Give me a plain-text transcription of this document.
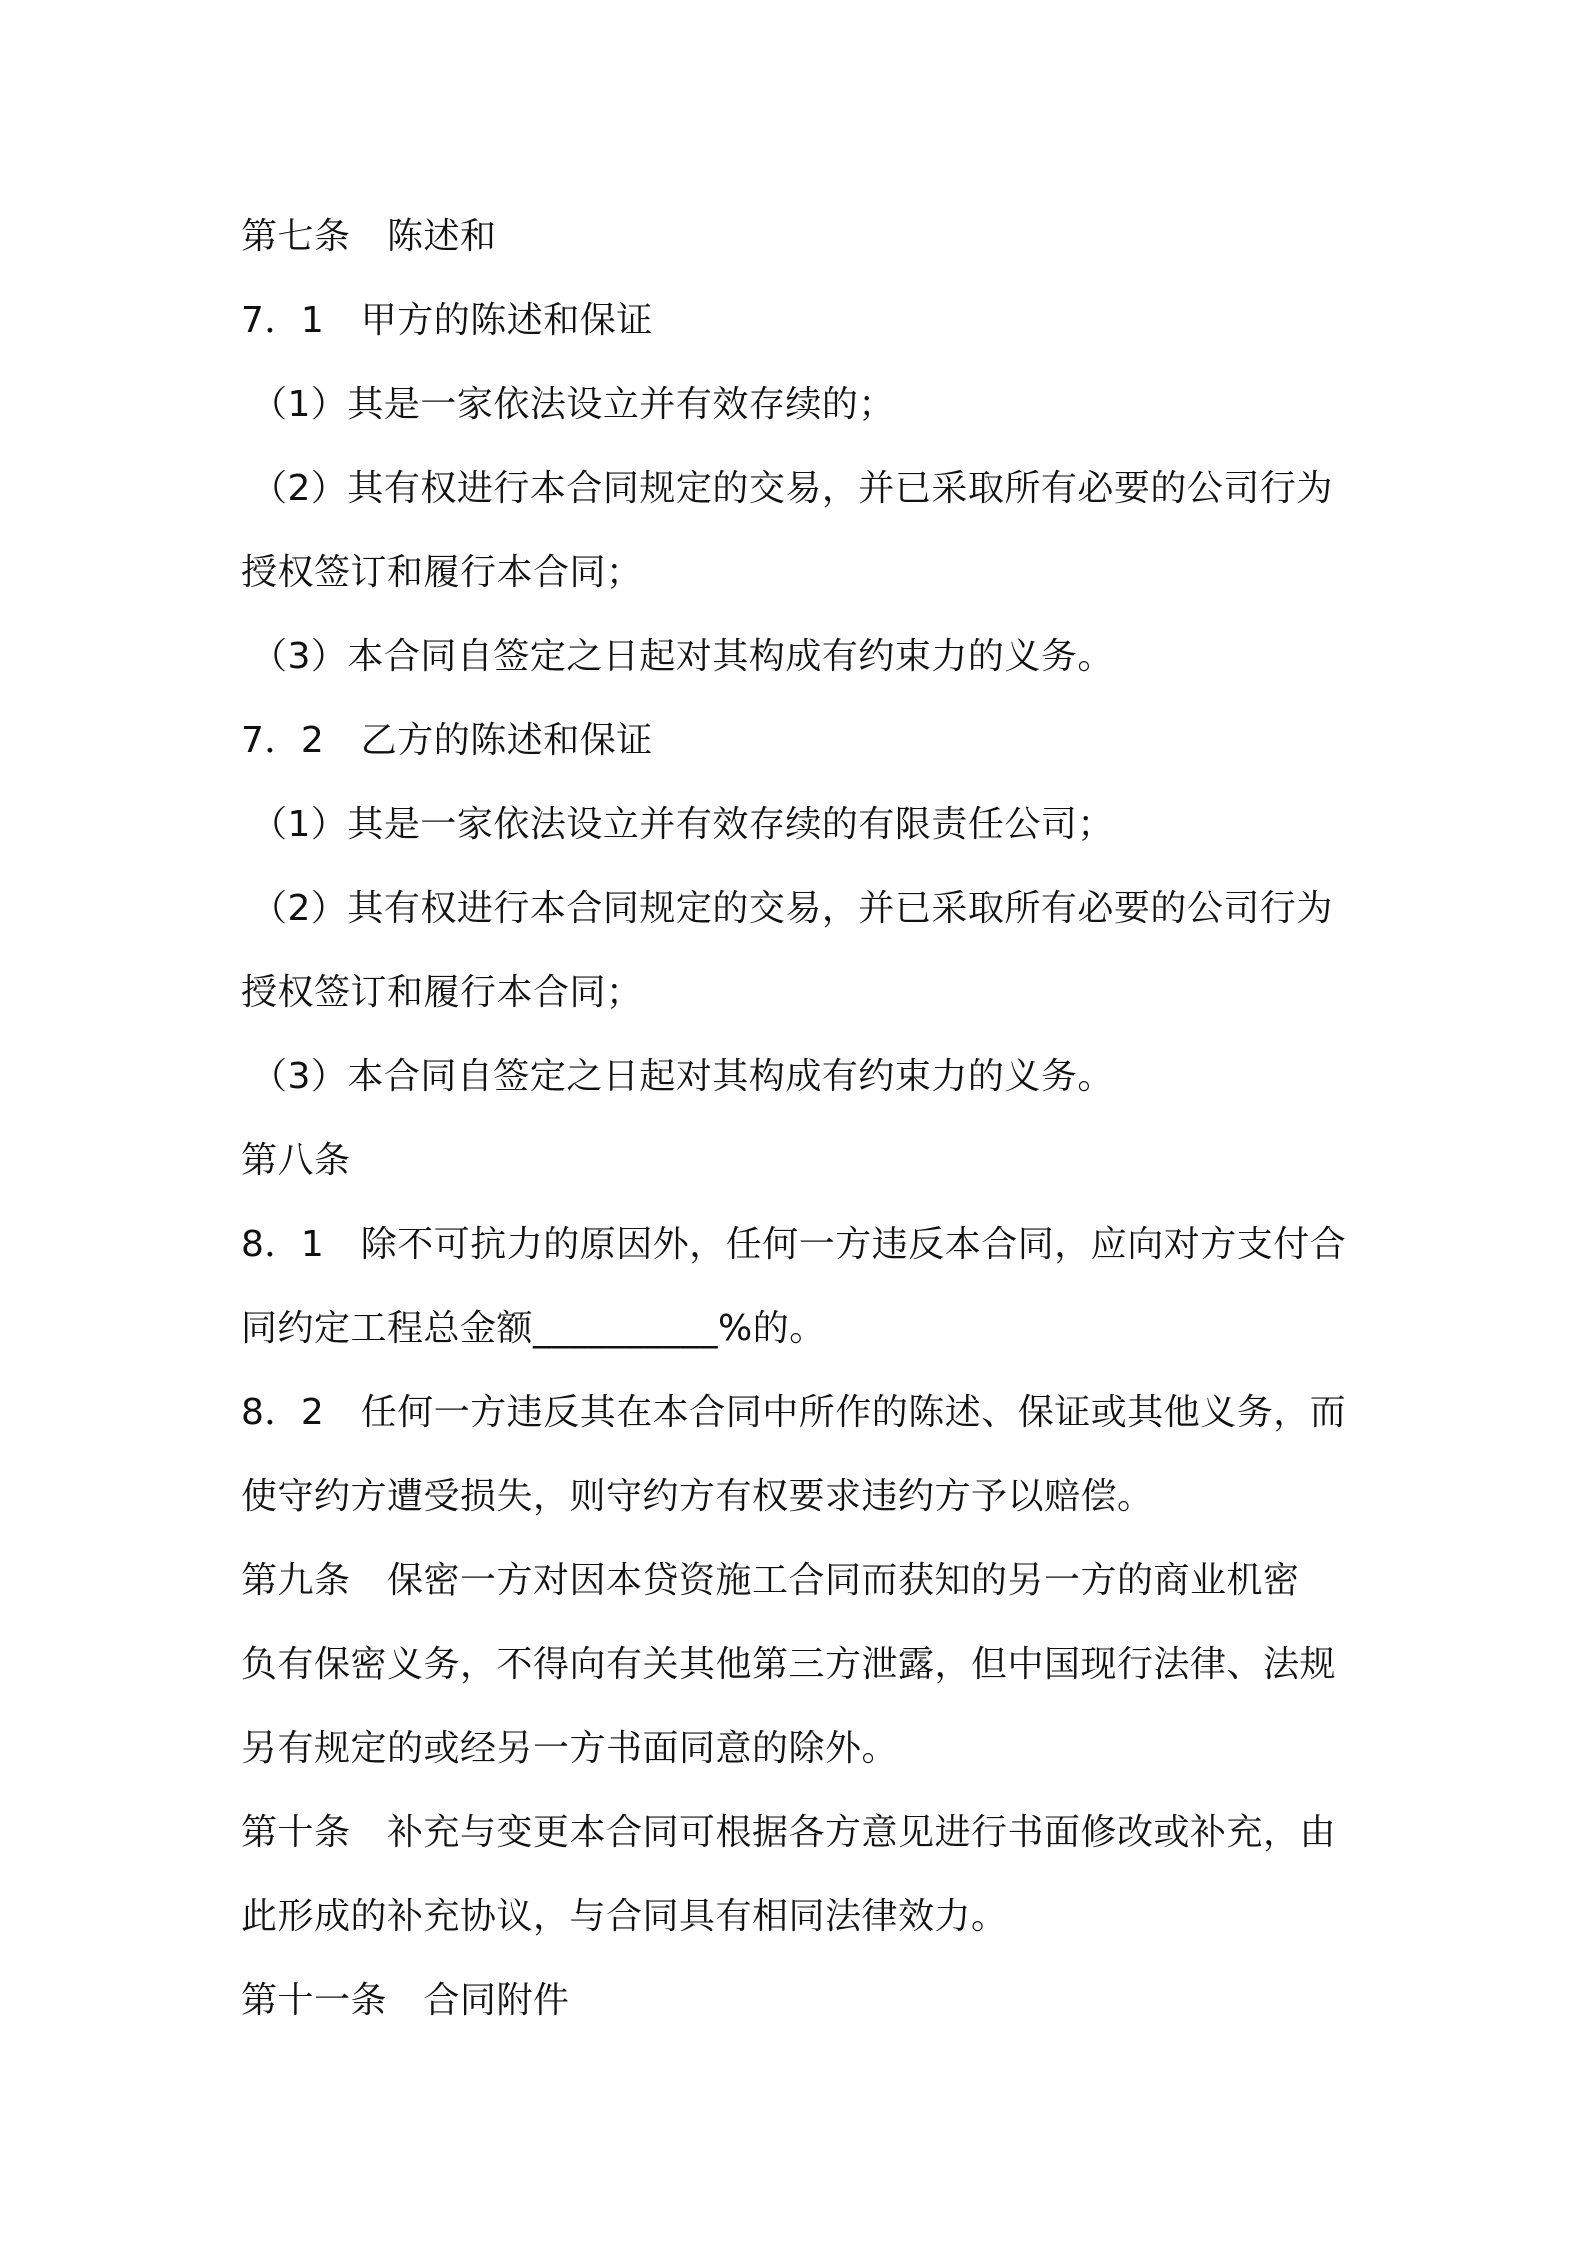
第七条　陈述和
7．1　甲方的陈述和保证
（1）其是一家依法设立并有效存续的；
（2）其有权进行本合同规定的交易，并已采取所有必要的公司行为
授权签订和履行本合同；
（3）本合同自签定之日起对其构成有约束力的义务。
7．2　乙方的陈述和保证
（1）其是一家依法设立并有效存续的有限责任公司；
（2）其有权进行本合同规定的交易，并已采取所有必要的公司行为
授权签订和履行本合同；
（3）本合同自签定之日起对其构成有约束力的义务。
第八条
8．1　除不可抗力的原因外，任何一方违反本合同，应向对方支付合
同约定工程总金额__________%的。
8．2　任何一方违反其在本合同中所作的陈述、保证或其他义务，而
使守约方遭受损失，则守约方有权要求违约方予以赔偿。
第九条　保密一方对因本贷资施工合同而获知的另一方的商业机密
负有保密义务，不得向有关其他第三方泄露，但中国现行法律、法规
另有规定的或经另一方书面同意的除外。
第十条　补充与变更本合同可根据各方意见进行书面修改或补充，由
此形成的补充协议，与合同具有相同法律效力。
第十一条　合同附件
